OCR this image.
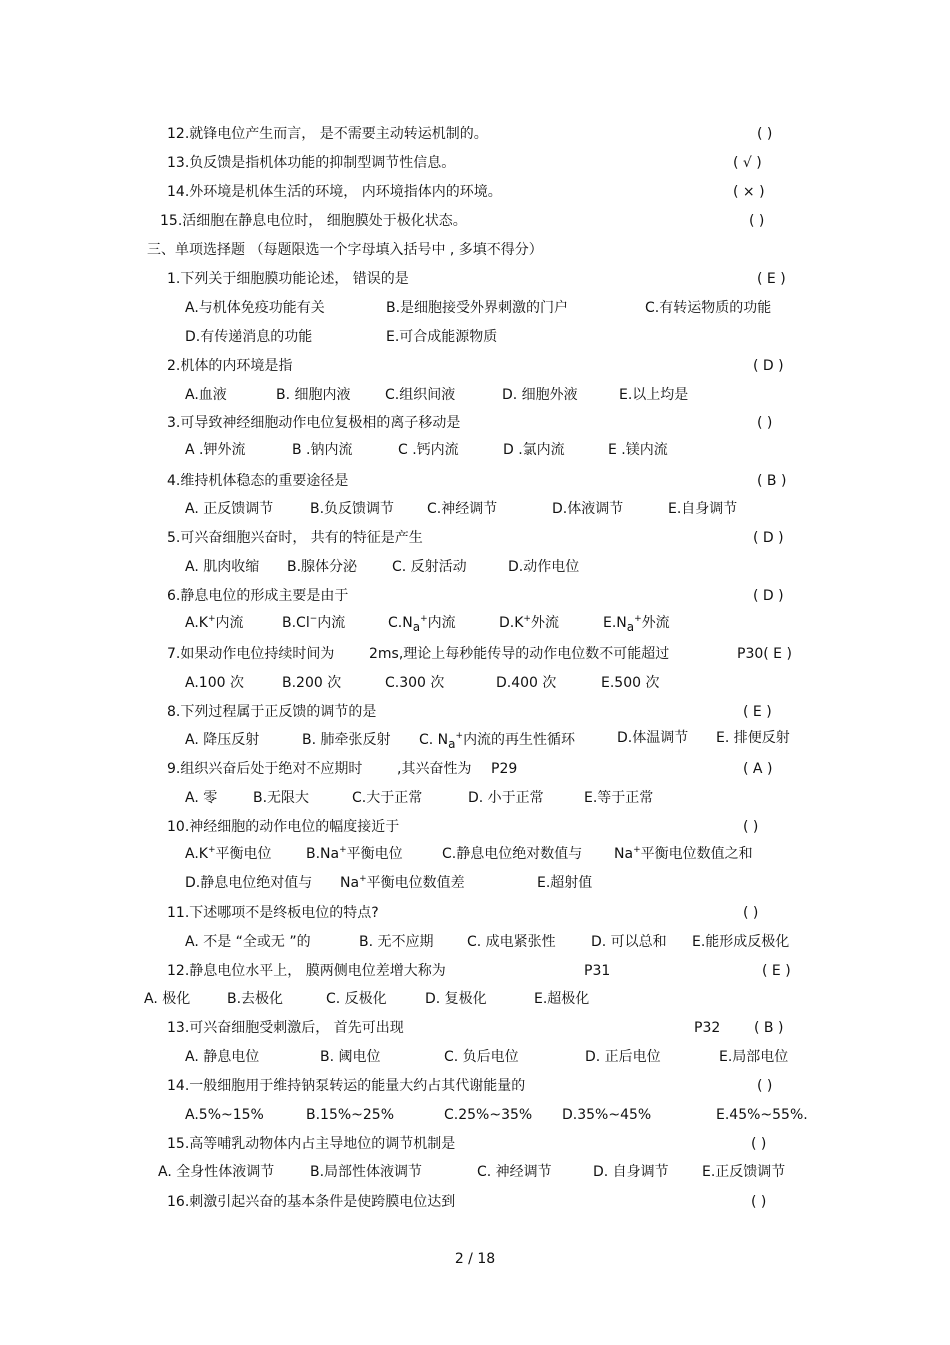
12.就锋电位产生而言， 是不需要主动转运机制的。	( )
13.负反馈是指机体功能的抑制型调节性信息。	( √ )
14.外环境是机体生活的环境， 内环境指体内的环境。	( × )
15.活细胞在静息电位时， 细胞膜处于极化状态。	( )
三、单项选择题 （每题限选一个字母填入括号中 , 多填不得分）
1.下列关于细胞膜功能论述， 错误的是	( E )
A.与机体免疫功能有关	B.是细胞接受外界刺激的门户	C.有转运物质的功能
D.有传递消息的功能	E.可合成能源物质
2.机体的内环境是指	( D )
A.血液	B. 细胞内液 C.组织间液	D. 细胞外液	E.以上均是
3.可导致神经细胞动作电位复极相的离子移动是	( )
A .钾外流	B .钠内流	C .钙内流	D .氯内流	E .镁内流
4.维持机体稳态的重要途径是	( B )
A. 正反馈调节	B.负反馈调节 C.神经调节	D.体液调节	E.自身调节
5.可兴奋细胞兴奋时， 共有的特征是产生	( D )
A. 肌肉收缩 B.腺体分泌 C. 反射活动	D.动作电位
6.静息电位的形成主要是由于	( D )
A.K+内流	B.Cl−内流	$C.N_a^+$内流	D.K+外流	$E.N_a^+$外流
7.如果动作电位持续时间为 2ms,理论上每秒能传导的动作电位数不可能超过	P30( E )
A.100 次	B.200 次	C.300 次	D.400 次	E.500 次
8.下列过程属于正反馈的调节的是	( E )
A. 降压反射	B. 肺牵张反射 C. $N_a^+$内流的再生性循环	D.体温调节 E. 排便反射
9.组织兴奋后处于绝对不应期时 ,其兴奋性为 P29	( A )
A. 零	B.无限大	C.大于正常	D. 小于正常	E.等于正常
10.神经细胞的动作电位的幅度接近于	( )
A.K+平衡电位 B.Na+平衡电位	C.静息电位绝对数值与 Na+平衡电位数值之和
D.静息电位绝对值与 Na+平衡电位数值差	E.超射值
11.下述哪项不是终板电位的特点?	( )
A. 不是 “全或无 ”的	B. 无不应期 C. 成电紧张性	D. 可以总和 E.能形成反极化
12.静息电位水平上， 膜两侧电位差增大称为	P31	( E )
A. 极化	B.去极化	C. 反极化	D. 复极化	E.超极化
13.可兴奋细胞受刺激后， 首先可出现	P32 ( B )
A. 静息电位	B. 阈电位	C. 负后电位	D. 正后电位	E.局部电位
14.一般细胞用于维持钠泵转运的能量大约占其代谢能量的	( )
A.5%~15%	B.15%~25%	C.25%~35% D.35%~45%	E.45%~55%.
15.高等哺乳动物体内占主导地位的调节机制是	( )
A. 全身性体液调节	B.局部性体液调节	C. 神经调节	D. 自身调节 E.正反馈调节
16.刺激引起兴奋的基本条件是使跨膜电位达到	( )
2 / 18
